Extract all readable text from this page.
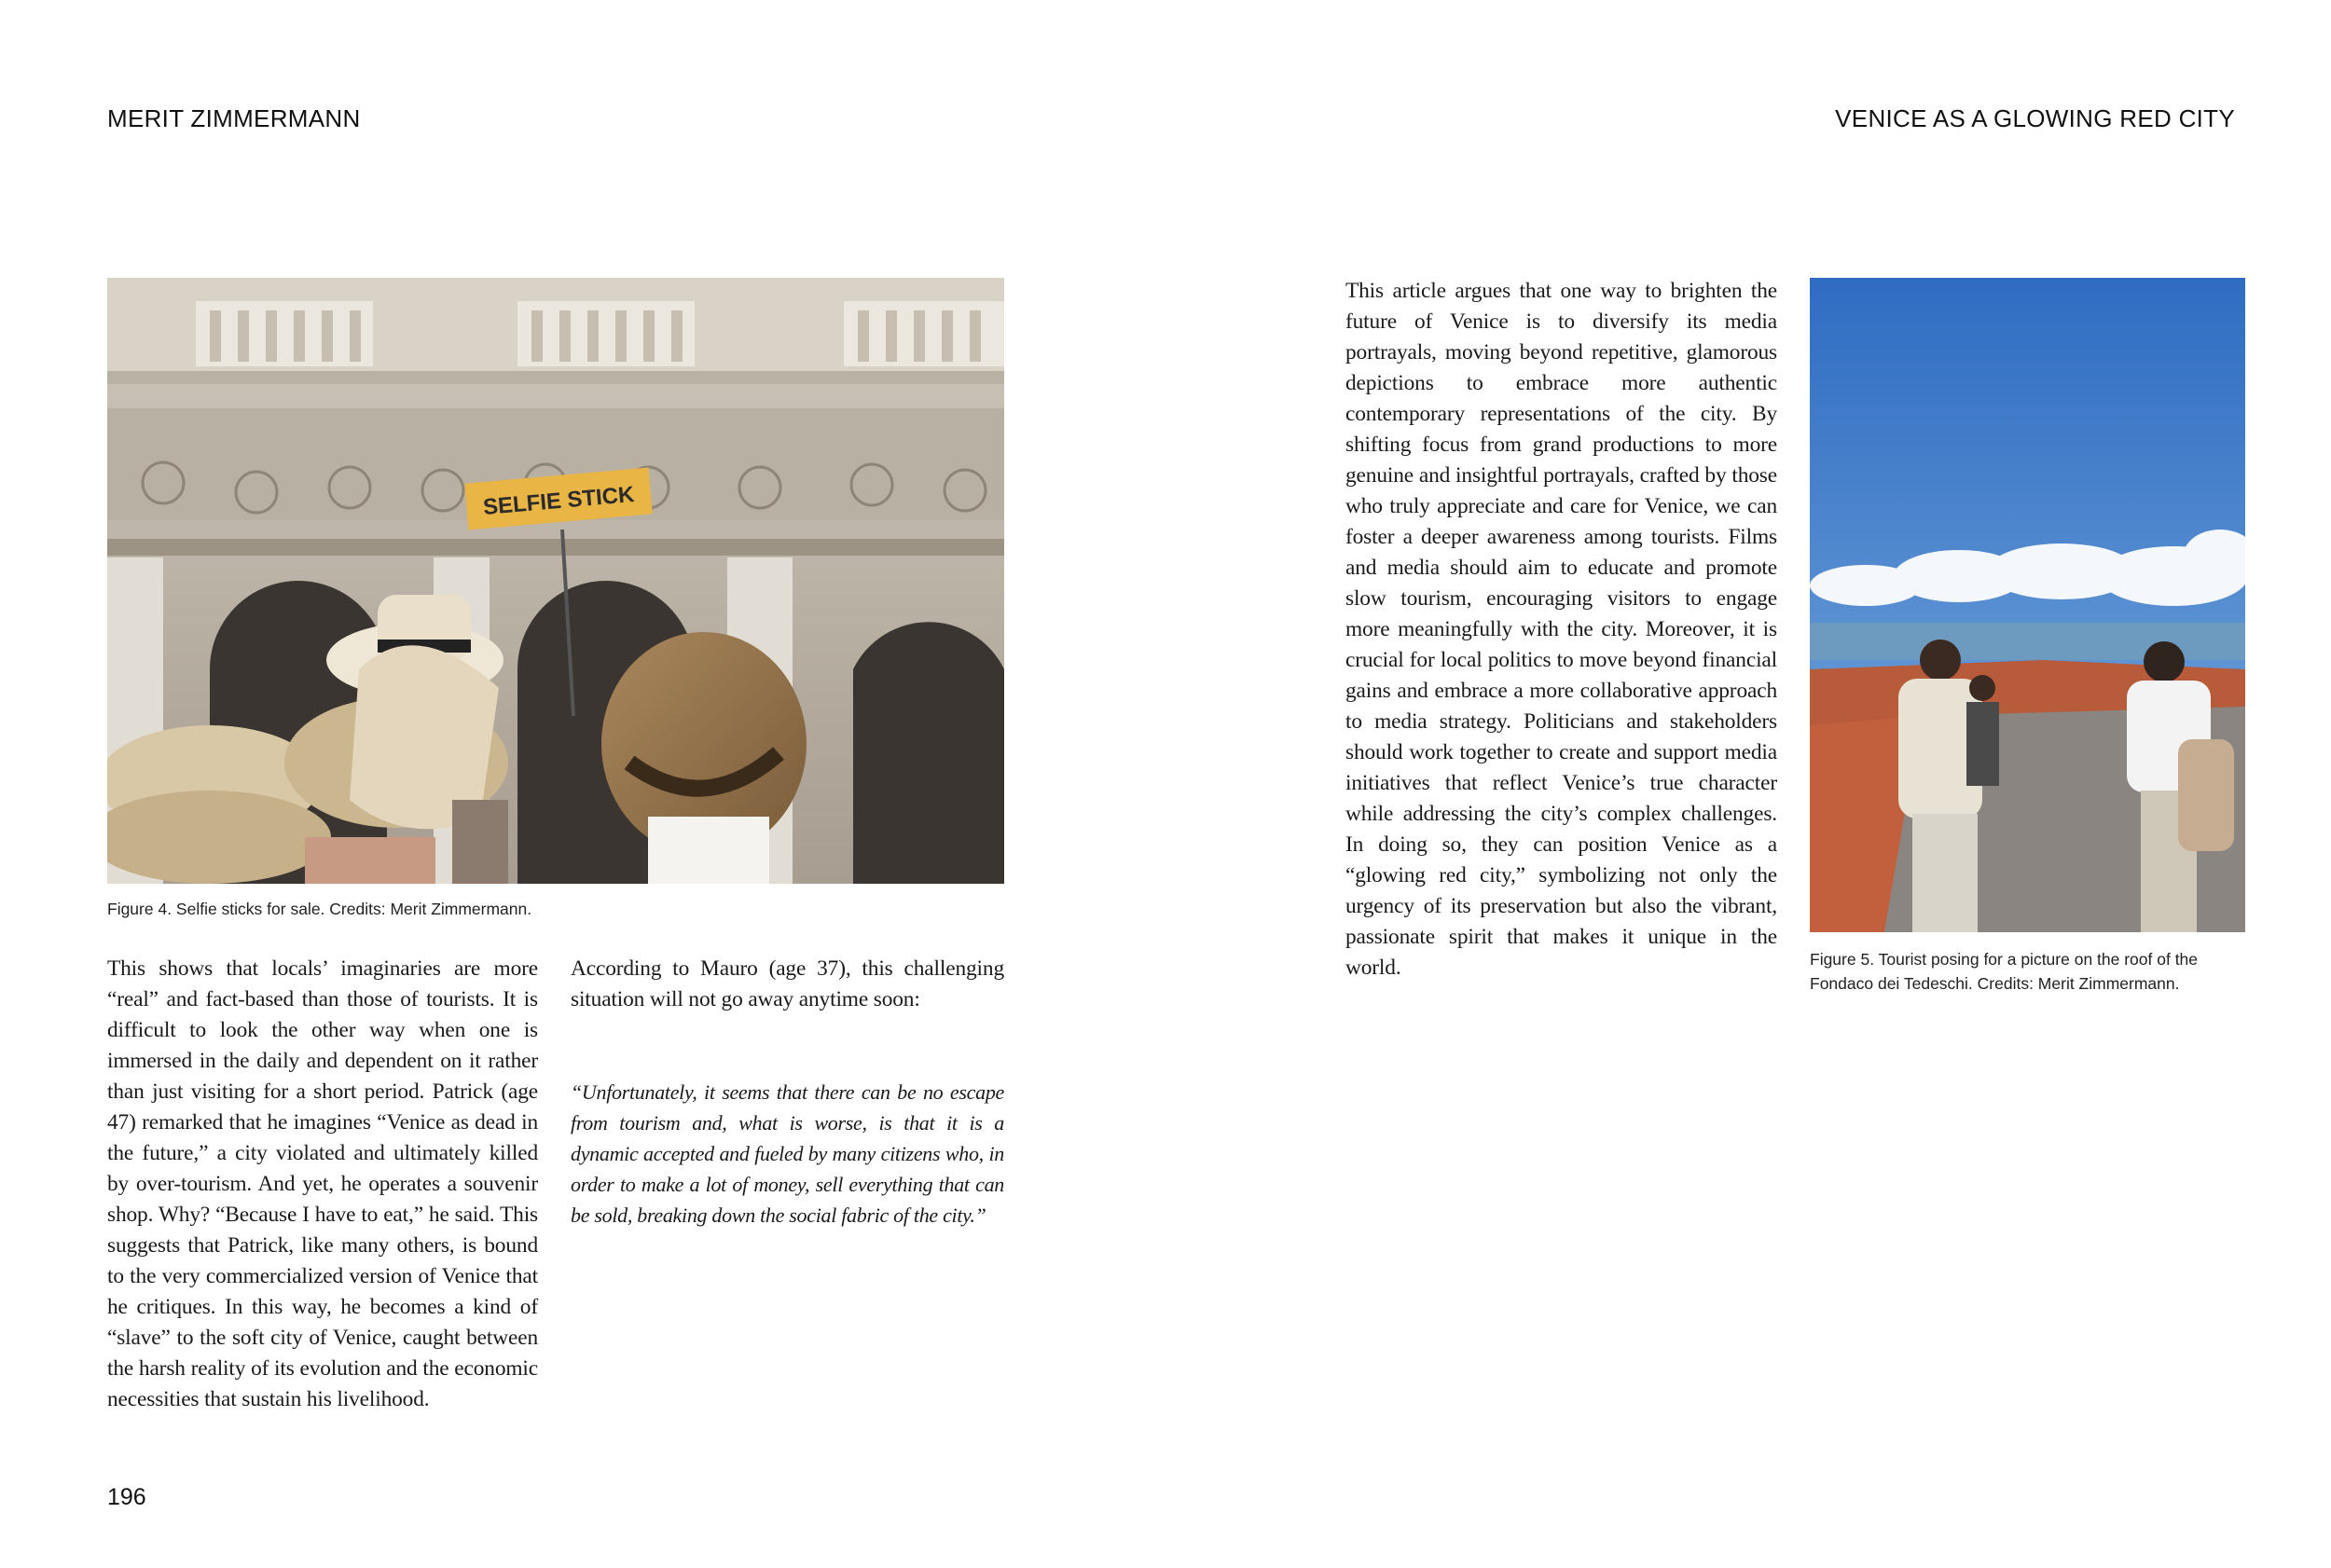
MERIT ZIMMERMANN
SELFIE STICK
Figure 4. Selfie sticks for sale. Credits: Merit Zimmermann.

This shows that locals’ imaginaries are more “real” and fact-based than those of tourists. It is difficult to look the other way when one is immersed in the daily and dependent on it rather than just visiting for a short period. Patrick (age 47) remarked that he imagines “Venice as dead in the future,” a city violated and ultimately killed by over-tourism. And yet, he operates a souvenir shop. Why? “Because I have to eat,” he said. This suggests that Patrick, like many others, is bound to the very commercialized version of Venice that he critiques. In this way, he becomes a kind of “slave” to the soft city of Venice, caught between the harsh reality of its evolution and the economic necessities that sustain his livelihood.

According to Mauro (age 37), this challenging situation will not go away anytime soon:

“Unfortunately, it seems that there can be no escape from tourism and, what is worse, is that it is a dynamic accepted and fueled by many citizens who, in order to make a lot of money, sell everything that can be sold, breaking down the social fabric of the city.”

196
VENICE AS A GLOWING RED CITY

This article argues that one way to brighten the future of Venice is to diversify its media portrayals, moving beyond repetitive, glamorous depictions to embrace more authentic contemporary representations of the city. By shifting focus from grand productions to more genuine and insightful portrayals, crafted by those who truly appreciate and care for Venice, we can foster a deeper awareness among tourists. Films and media should aim to educate and promote slow tourism, encouraging visitors to engage more meaningfully with the city. Moreover, it is crucial for local politics to move beyond financial gains and embrace a more collaborative approach to media strategy. Politicians and stakeholders should work together to create and support media initiatives that reflect Venice’s true character while addressing the city’s complex challenges. In doing so, they can position Venice as a “glowing red city,” symbolizing not only the urgency of its preservation but also the vibrant, passionate spirit that makes it unique in the world.	Figure 5. Tourist posing for a picture on the roof of the Fondaco dei Tedeschi. Credits: Merit Zimmermann.
